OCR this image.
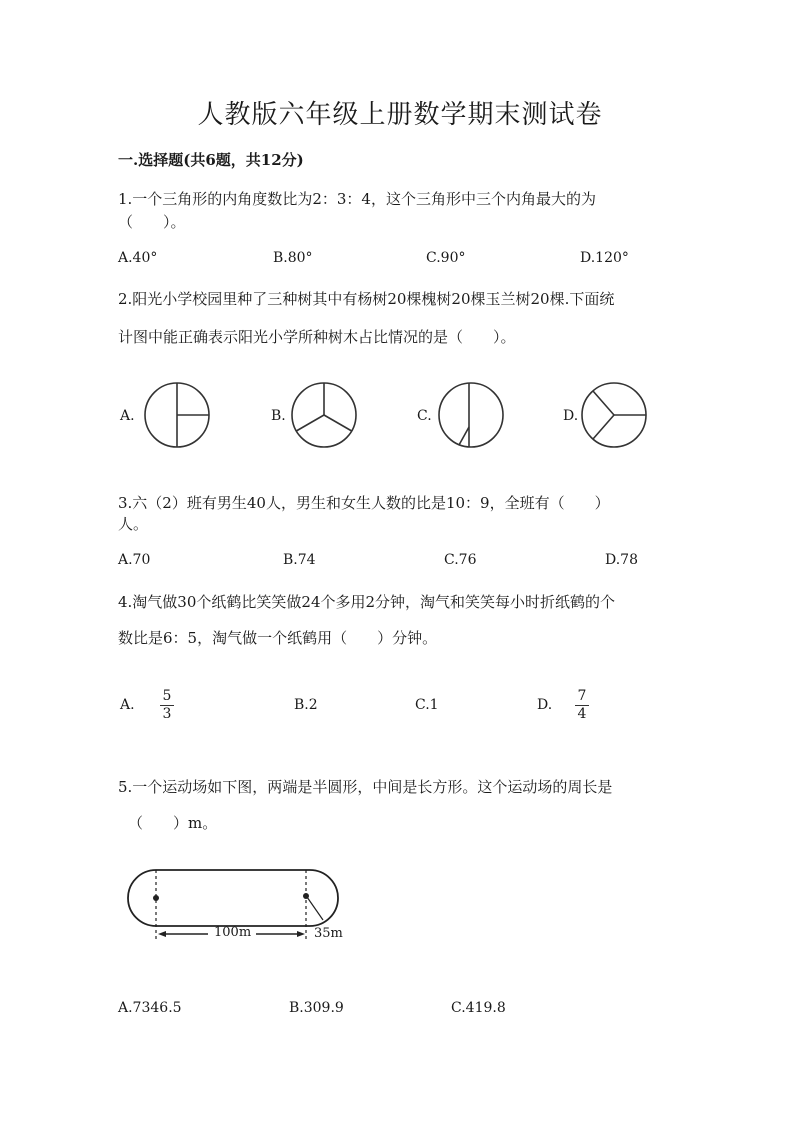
人教版六年级上册数学期末测试卷
一.选择题(共6题，共12分)
1.一个三角形的内角度数比为2：3：4，这个三角形中三个内角最大的为
（　　）。
A.40°	B.80°	C.90°	D.120°
2.阳光小学校园里种了三种树其中有杨树20棵槐树20棵玉兰树20棵.下面统
计图中能正确表示阳光小学所种树木占比情况的是（　　）。
A.	B.	C.	D.
3.六（2）班有男生40人，男生和女生人数的比是10：9，全班有（　　）
人。
A.70	B.74	C.76	D.78
4.淘气做30个纸鹤比笑笑做24个多用2分钟，淘气和笑笑每小时折纸鹤的个
数比是6：5，淘气做一个纸鹤用（　　）分钟。
A.
5
3
B.2	C.1	D.
7
4
5.一个运动场如下图，两端是半圆形，中间是长方形。这个运动场的周长是
（　　）m。
100m	35m
A.7346.5	B.309.9	C.419.8
